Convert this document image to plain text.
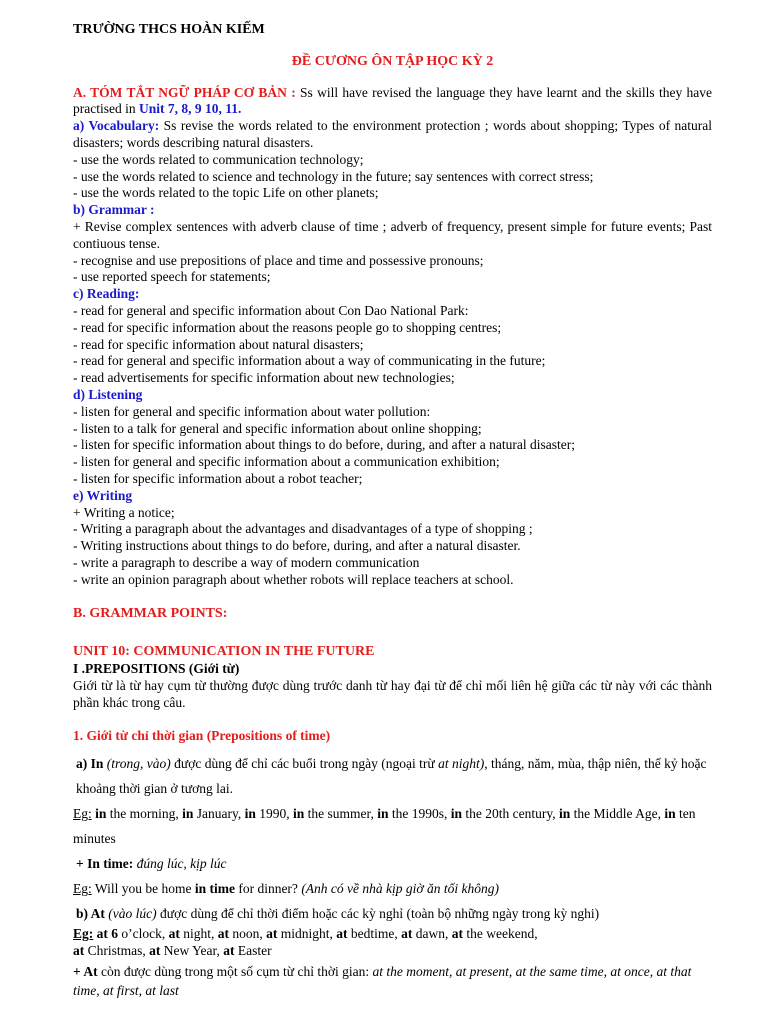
TRƯỜNG THCS HOÀN KIẾM
ĐỀ CƯƠNG ÔN TẬP HỌC KỲ 2
A. TÓM TẮT NGỮ PHÁP CƠ BẢN : Ss will have revised the language they have learnt and the skills they have practised in Unit 7, 8, 9 10, 11.
a) Vocabulary: Ss revise the words related to the environment protection ; words about shopping; Types of natural disasters; words describing natural disasters.
- use the words related to communication technology;
- use the words related to science and technology in the future; say sentences with correct stress;
- use the words related to the topic Life on other planets;
b) Grammar :
+ Revise complex sentences with adverb clause of time ; adverb of frequency, present simple for future events; Past contiuous tense.
- recognise and use prepositions of place and time and possessive pronouns;
- use reported speech for statements;
c) Reading:
- read for general and specific information about Con Dao National Park:
- read for specific information about the reasons people go to shopping centres;
- read for specific information about natural disasters;
- read for general and specific information about a way of communicating in the future;
- read advertisements for specific information about new technologies;
d) Listening
- listen for general and specific information about water pollution:
- listen to a talk for general and specific information about online shopping;
- listen for specific information about things to do before, during, and after a natural disaster;
- listen for general and specific information about a communication exhibition;
- listen for specific information about a robot teacher;
e) Writing
+ Writing a notice;
- Writing a paragraph about the advantages and disadvantages of a type of shopping ;
- Writing instructions about things to do before, during, and after a natural disaster.
- write a paragraph to describe a way of modern communication
- write an opinion paragraph about whether robots will replace teachers at school.
B. GRAMMAR POINTS:
UNIT 10: COMMUNICATION IN THE FUTURE
I .PREPOSITIONS (Giới từ)
Giới từ là từ hay cụm từ thường được dùng trước danh từ hay đại từ để chỉ mối liên hệ giữa các từ này với các thành phần khác trong câu.
1. Giới từ chỉ thời gian (Prepositions of time)
a) In (trong, vào) được dùng để chỉ các buổi trong ngày (ngoại trừ at night), tháng, năm, mùa, thập niên, thế kỷ hoặc khoảng thời gian ở tương lai.
Eg: in the morning, in January, in 1990, in the summer, in the 1990s, in the 20th century, in the Middle Age, in ten minutes
+ In time: đúng lúc, kịp lúc
Eg: Will you be home in time for dinner? (Anh có về nhà kịp giờ ăn tối không)
b) At (vào lúc) được dùng để chỉ thời điểm hoặc các kỳ nghỉ (toàn bộ những ngày trong kỳ nghi)
Eg: at 6 o’clock, at night, at noon, at midnight, at bedtime, at dawn, at the weekend, at Christmas, at New Year, at Easter
+ At còn được dùng trong một số cụm từ chỉ thời gian: at the moment, at present, at the same time, at once, at that time, at first, at last
